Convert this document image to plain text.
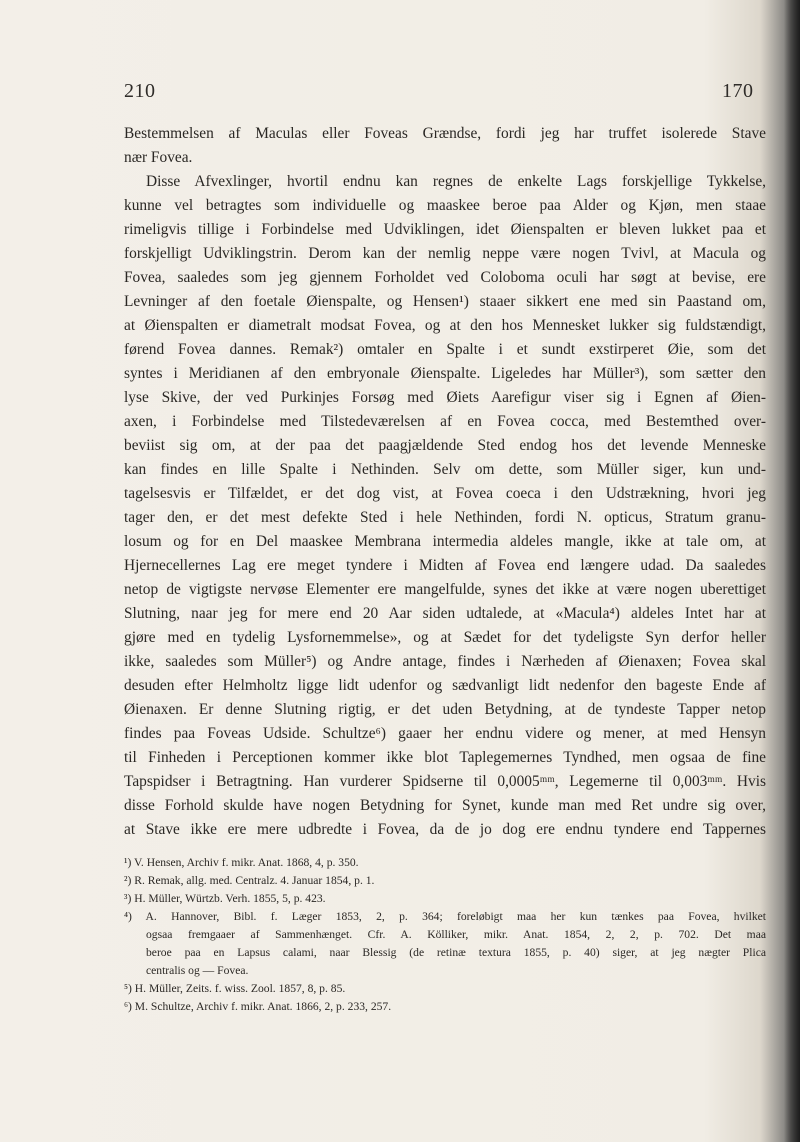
210	170
Bestemmelsen af Maculas eller Foveas Grændse, fordi jeg har truffet isolerede Stave
nær Fovea.
Disse Afvexlinger, hvortil endnu kan regnes de enkelte Lags forskjellige Tykkelse,
kunne vel betragtes som individuelle og maaskee beroe paa Alder og Kjøn, men staae
rimeligvis tillige i Forbindelse med Udviklingen, idet Øienspalten er bleven lukket paa et
forskjelligt Udviklingstrin. Derom kan der nemlig neppe være nogen Tvivl, at Macula og
Fovea, saaledes som jeg gjennem Forholdet ved Coloboma oculi har søgt at bevise, ere
Levninger af den foetale Øienspalte, og Hensen¹) staaer sikkert ene med sin Paastand om,
at Øienspalten er diametralt modsat Fovea, og at den hos Mennesket lukker sig fuldstændigt,
førend Fovea dannes. Remak²) omtaler en Spalte i et sundt exstirperet Øie, som det
syntes i Meridianen af den embryonale Øienspalte. Ligeledes har Müller³), som sætter den
lyse Skive, der ved Purkinjes Forsøg med Øiets Aarefigur viser sig i Egnen af Øien-
axen, i Forbindelse med Tilstedeværelsen af en Fovea cocca, med Bestemthed over-
beviist sig om, at der paa det paagjældende Sted endog hos det levende Menneske
kan findes en lille Spalte i Nethinden. Selv om dette, som Müller siger, kun und-
tagelsesvis er Tilfældet, er det dog vist, at Fovea coeca i den Udstrækning, hvori jeg
tager den, er det mest defekte Sted i hele Nethinden, fordi N. opticus, Stratum granu-
losum og for en Del maaskee Membrana intermedia aldeles mangle, ikke at tale om, at
Hjernecellernes Lag ere meget tyndere i Midten af Fovea end længere udad. Da saaledes
netop de vigtigste nervøse Elementer ere mangelfulde, synes det ikke at være nogen uberettiget
Slutning, naar jeg for mere end 20 Aar siden udtalede, at «Macula⁴) aldeles Intet har at
gjøre med en tydelig Lysfornemmelse», og at Sædet for det tydeligste Syn derfor heller
ikke, saaledes som Müller⁵) og Andre antage, findes i Nærheden af Øienaxen; Fovea skal
desuden efter Helmholtz ligge lidt udenfor og sædvanligt lidt nedenfor den bageste Ende af
Øienaxen. Er denne Slutning rigtig, er det uden Betydning, at de tyndeste Tapper netop
findes paa Foveas Udside. Schultze⁶) gaaer her endnu videre og mener, at med Hensyn
til Finheden i Perceptionen kommer ikke blot Taplegemernes Tyndhed, men ogsaa de fine
Tapspidser i Betragtning. Han vurderer Spidserne til 0,0005ᵐᵐ, Legemerne til 0,003ᵐᵐ. Hvis
disse Forhold skulde have nogen Betydning for Synet, kunde man med Ret undre sig over,
at Stave ikke ere mere udbredte i Fovea, da de jo dog ere endnu tyndere end Tappernes
¹) V. Hensen, Archiv f. mikr. Anat. 1868, 4, p. 350.
²) R. Remak, allg. med. Centralz. 4. Januar 1854, p. 1.
³) H. Müller, Würtzb. Verh. 1855, 5, p. 423.
⁴) A. Hannover, Bibl. f. Læger 1853, 2, p. 364; foreløbigt maa her kun tænkes paa Fovea, hvilket
ogsaa fremgaaer af Sammenhænget. Cfr. A. Kölliker, mikr. Anat. 1854, 2, 2, p. 702. Det maa
beroe paa en Lapsus calami, naar Blessig (de retinæ textura 1855, p. 40) siger, at jeg nægter Plica
centralis og — Fovea.
⁵) H. Müller, Zeits. f. wiss. Zool. 1857, 8, p. 85.
⁶) M. Schultze, Archiv f. mikr. Anat. 1866, 2, p. 233, 257.
